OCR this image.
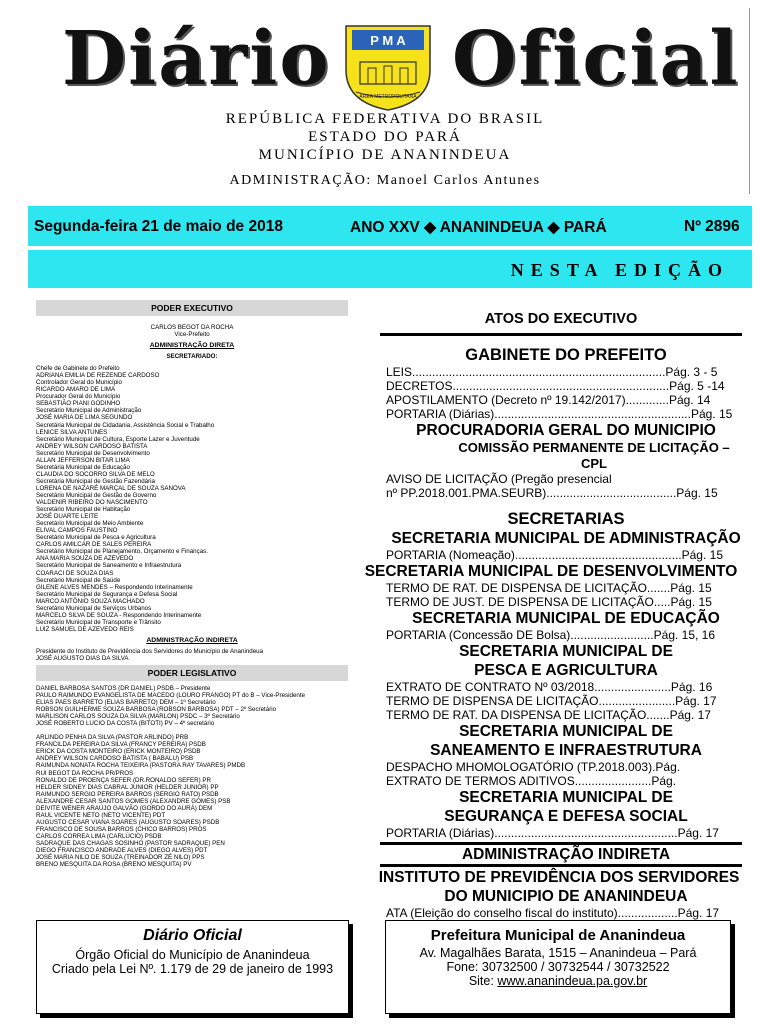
Diário Oficial
P M A
ÁREA METROPOLITANA
REPÚBLICA FEDERATIVA DO BRASIL
ESTADO DO PARÁ
MUNICÍPIO DE ANANINDEUA
ADMINISTRAÇÃO: Manoel Carlos Antunes
Segunda-feira 21 de maio de 2018	ANO XXV ◆ ANANINDEUA ◆ PARÁ	Nº 2896
NESTA EDIÇÃO
PODER EXECUTIVO
CARLOS BEGOT DA ROCHA
Vice-Prefeito
ADMINISTRAÇÃO DIRETA
SECRETARIADO:
Chefe de Gabinete do Prefeito
ADRIANA EMILIA DE REZENDE CARDOSO
Controlador Geral do Município
RICARDO AMARO DE LIMA
Procurador Geral do Município
SEBASTIÃO PIANI GODINHO
Secretário Municipal de Administração
JOSÉ MARIA DE LIMA SEGUNDO
Secretária Municipal de Cidadania, Assistência Social e Trabalho
LENICE SILVA ANTUNES
Secretário Municipal de Cultura, Esporte Lazer e Juventude
ANDREY WILSON CARDOSO BATISTA
Secretário Municipal de Desenvolvimento
ALLAN JEFFERSON BITAR LIMA
Secretária Municipal de Educação
CLAUDIA DO SOCORRO SILVA DE MELO
Secretária Municipal de Gestão Fazendária
LORENA DE NAZARÉ MARÇAL DE SOUZA SANOVA
Secretário Municipal de Gestão de Governo
VALDENIR RIBEIRO DO NASCIMENTO
Secretário Municipal de Habitação
JOSÉ DUARTE LEITE
Secretário Municipal de Meio Ambiente
ELIVAL CAMPOS FAUSTINO
Secretário Municipal de Pesca e Agricultura
CARLOS AMILCAR DE SALES PEREIRA
Secretário Municipal de Planejamento, Orçamento e Finanças.
ANA MARIA SOUZA DE AZEVEDO
Secretário Municipal de Saneamento e Infraestrutura
COARACI DE SOUZA DIAS
Secretário Municipal de Saúde
GILENE ALVES MENDES – Respondendo Interinamente
Secretário Municipal de Segurança e Defesa Social
MARCO ANTÔNIO SOUZA MACHADO
Secretário Municipal de Serviços Urbanos
MARCELO SILVA DE SOUZA - Respondendo Interinamente
Secretário Municipal de Transporte e Trânsito
LUIZ SAMUEL DE AZEVEDO REIS
ADMINISTRAÇÃO INDIRETA
Presidente do Instituto de Previdência dos Servidores do Município de Ananindeua
JOSÉ AUGUSTO DIAS DA SILVA
PODER LEGISLATIVO
DANIEL BARBOSA SANTOS (DR DANIEL) PSDB – Presidente
PAULO RAIMUNDO EVANGELISTA DE MACEDO (LOURO FRANGO) PT do B – Vice-Presidente
ELIAS PAES BARRETO (ELIAS BARRETO) DEM – 1º Secretário
ROBSON GUILHERME SOUZA BARBOSA (ROBSON BARBOSA) PDT – 2º Secretário
MARLISON CARLOS SOUZA DA SILVA (MARLON) PSDC – 3º Secretário
JOSÉ ROBERTO LUCIO DA COSTA (BITOTI) PV – 4º secretário
ARLINDO PENHA DA SILVA (PASTOR ARLINDO) PRB
FRANCILDA PEREIRA DA SILVA (FRANCY PEREIRA) PSDB
ERICK DA COSTA MONTEIRO (ERICK MONTEIRO) PSDB
ANDREY WILSON CARDOSO BATISTA ( BABALU) PSB
RAIMUNDA NONATA ROCHA TEIXEIRA (PASTORA RAY TAVARES) PMDB
RUI BEGOT DA ROCHA PR/PROS
RONALDO DE PROENÇA SEFER (DR.RONALDO SEFER) PR
HELDER SIDNEY DIAS CABRAL JUNIOR (HELDER JUNIOR) PP
RAIMUNDO SERGIO PEREIRA BARROS (SERGIO RATO) PSDB
ALEXANDRE CESAR SANTOS GOMES (ALEXANDRE GOMES) PSB
DEIVITE WENER ARAÚJO GALVÃO (GORDO DO AURÁ) DEM
RAUL VICENTE NETO (NETO VICENTE) PDT
AUGUSTO CESAR VIANA SOARES (AUGUSTO SOARES) PSDB
FRANCISCO DE SOUSA BARROS (CHICO BARROS) PROS
CARLOS CORREA LIMA (CARLÚCIO) PSDB
SADRAQUE DAS CHAGAS SOSINHO (PASTOR SADRAQUE) PEN
DIEGO FRANCISCO ANDRADE ALVES (DIEGO ALVES) PDT
JOSÉ MARIA NILO DE SOUZA (TREINADOR ZÉ NILO) PPS
BRENO MESQUITA DA ROSA (BRENO MESQUITA) PV
ATOS DO EXECUTIVO
GABINETE DO PREFEITO
LEIS............................................................................Pág. 3 - 5
DECRETOS.................................................................Pág. 5 -14
APOSTILAMENTO (Decreto nº 19.142/2017).............Pág. 14
PORTARIA (Diárias)...........................................................Pág. 15
PROCURADORIA GERAL DO MUNICIPIO
COMISSÃO PERMANENTE DE LICITAÇÃO – CPL
AVISO DE LICITAÇÃO (Pregão presencial
nº PP.2018.001.PMA.SEURB).......................................Pág. 15
SECRETARIAS
SECRETARIA MUNICIPAL DE ADMINISTRAÇÃO
PORTARIA (Nomeação)..................................................Pág. 15
SECRETARIA MUNICIPAL DE DESENVOLVIMENTO
TERMO DE RAT. DE DISPENSA DE LICITAÇÃO.......Pág. 15
TERMO DE JUST. DE DISPENSA DE LICITAÇÃO.....Pág. 15
SECRETARIA MUNICIPAL DE EDUCAÇÃO
PORTARIA (Concessão DE Bolsa).........................Pág. 15, 16
SECRETARIA MUNICIPAL DE
PESCA E AGRICULTURA
EXTRATO DE CONTRATO Nº 03/2018.......................Pág. 16
TERMO DE DISPENSA DE LICITAÇÃO.......................Pág. 17
TERMO DE RAT. DA DISPENSA DE LICITAÇÃO.......Pág. 17
SECRETARIA MUNICIPAL DE
SANEAMENTO E INFRAESTRUTURA
DESPACHO MHOMOLOGATÓRIO (TP.2018.003).Pág.
EXTRATO DE TERMOS ADITIVOS.......................Pág.
SECRETARIA MUNICIPAL DE
SEGURANÇA E DEFESA SOCIAL
PORTARIA (Diárias).......................................................Pág. 17
ADMINISTRAÇÃO INDIRETA
INSTITUTO DE PREVIDÊNCIA DOS SERVIDORES
DO MUNICIPIO DE ANANINDEUA
ATA (Eleição do conselho fiscal do instituto)..................Pág. 17
Diário Oficial
Órgão Oficial do Município de Ananindeua
Criado pela Lei Nº. 1.179 de 29 de janeiro de 1993
Prefeitura Municipal de Ananindeua
Av. Magalhães Barata, 1515 – Ananindeua – Pará
Fone: 30732500 / 30732544 / 30732522
Site: www.ananindeua.pa.gov.br
